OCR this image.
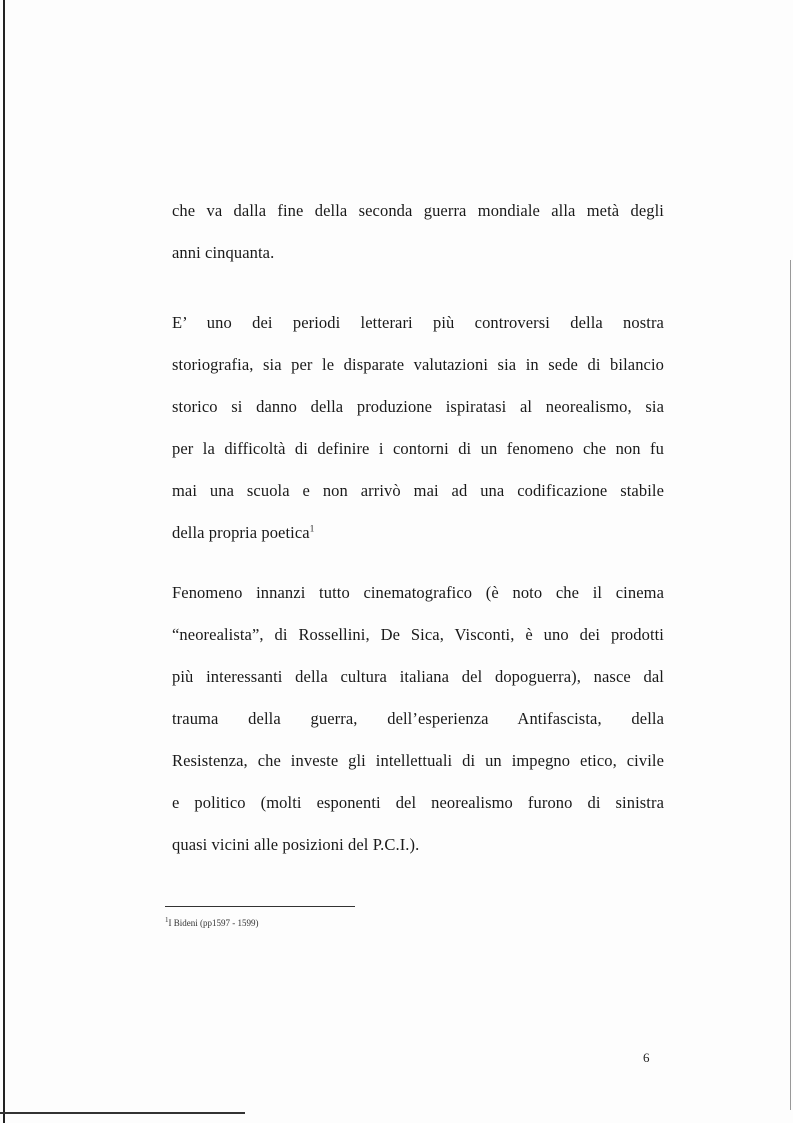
che va dalla fine della seconda guerra mondiale alla metà degli
anni cinquanta.
E’ uno dei periodi letterari più controversi della nostra
storiografia, sia per le disparate valutazioni sia in sede di bilancio
storico si danno della produzione ispiratasi al neorealismo, sia
per la difficoltà di definire i contorni di un fenomeno che non fu
mai una scuola e non arrivò mai ad una codificazione stabile
della propria poetica$^1$
Fenomeno innanzi tutto cinematografico (è noto che il cinema
“neorealista”, di Rossellini, De Sica, Visconti, è uno dei prodotti
più interessanti della cultura italiana del dopoguerra), nasce dal
trauma della guerra, dell’esperienza Antifascista, della
Resistenza, che investe gli intellettuali di un impegno etico, civile
e politico (molti esponenti del neorealismo furono di sinistra
quasi vicini alle posizioni del P.C.I.).
$^1$I Bideni (pp1597 - 1599)
6
